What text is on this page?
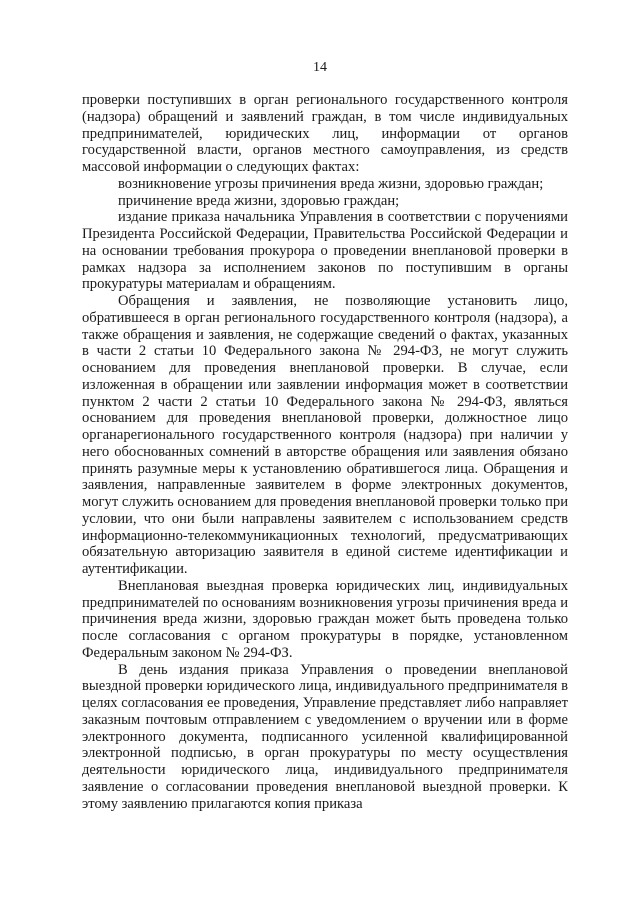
14

проверки поступивших в орган регионального государственного контроля (надзора) обращений и заявлений граждан, в том числе индивидуальных предпринимателей, юридических лиц, информации от органов государственной власти, органов местного самоуправления, из средств массовой информации о следующих фактах:

возникновение угрозы причинения вреда жизни, здоровью граждан;

причинение вреда жизни, здоровью граждан;

издание приказа начальника Управления в соответствии с поручениями Президента Российской Федерации, Правительства Российской Федерации и на основании требования прокурора о проведении внеплановой проверки в рамках надзора за исполнением законов по поступившим в органы прокуратуры материалам и обращениям.

Обращения и заявления, не позволяющие установить лицо, обратившееся в орган регионального государственного контроля (надзора), а также обращения и заявления, не содержащие сведений о фактах, указанных в части 2 статьи 10 Федерального закона № 294-ФЗ, не могут служить основанием для проведения внеплановой проверки. В случае, если изложенная в обращении или заявлении информация может в соответствии пунктом 2 части 2 статьи 10 Федерального закона № 294-ФЗ, являться основанием для проведения внеплановой проверки, должностное лицо органарегионального государственного контроля (надзора) при наличии у него обоснованных сомнений в авторстве обращения или заявления обязано принять разумные меры к установлению обратившегося лица. Обращения и заявления, направленные заявителем в форме электронных документов, могут служить основанием для проведения внеплановой проверки только при условии, что они были направлены заявителем с использованием средств информационно-телекоммуникационных технологий, предусматривающих обязательную авторизацию заявителя в единой системе идентификации и аутентификации.

Внеплановая выездная проверка юридических лиц, индивидуальных предпринимателей по основаниям возникновения угрозы причинения вреда и причинения вреда жизни, здоровью граждан может быть проведена только после согласования с органом прокуратуры в порядке, установленном Федеральным законом № 294-ФЗ.

В день издания приказа Управления о проведении внеплановой выездной проверки юридического лица, индивидуального предпринимателя в целях согласования ее проведения, Управление представляет либо направляет заказным почтовым отправлением с уведомлением о вручении или в форме электронного документа, подписанного усиленной квалифицированной электронной подписью, в орган прокуратуры по месту осуществления деятельности юридического лица, индивидуального предпринимателя заявление о согласовании проведения внеплановой выездной проверки. К этому заявлению прилагаются копия приказа
